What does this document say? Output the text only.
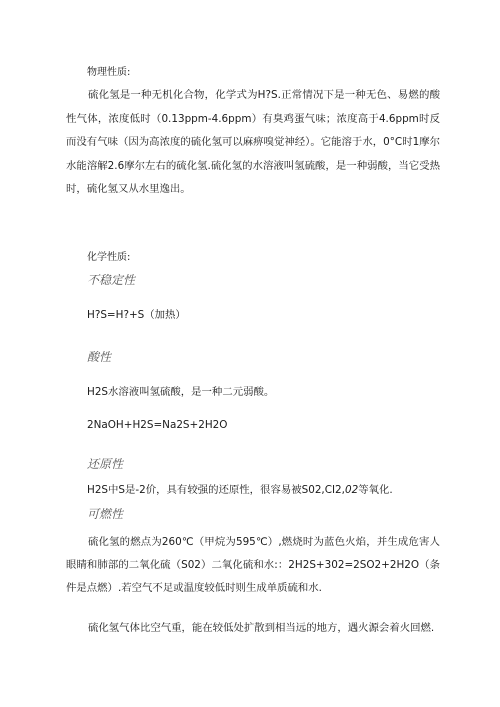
物理性质:
硫化氢是一种无机化合物，化学式为H?S.正常情况下是一种无色、易燃的酸性气体，浓度低时（0.13ppm-4.6ppm）有臭鸡蛋气味；浓度高于4.6ppm时反而没有气味（因为高浓度的硫化氢可以麻痹嗅觉神经）。它能溶于水，0°C时1摩尔水能溶解2.6摩尔左右的硫化氢.硫化氢的水溶液叫氢硫酸，是一种弱酸，当它受热时，硫化氢又从水里逸出。
化学性质:
不稳定性
H?S=H?+S（加热）
酸性
H2S水溶液叫氢硫酸，是一种二元弱酸。
2NaOH+H2S=Na2S+2H2O
还原性
H2S中S是-2价，具有较强的还原性，很容易被S02,CI2,02等氧化.
可燃性
硫化氢的燃点为260℃（甲烷为595℃）,燃烧时为蓝色火焰，并生成危害人眼睛和肺部的二氧化硫（S02）二氧化硫和水:：2H2S+302=2SO2+2H2O（条件是点燃）.若空气不足或温度较低时则生成单质硫和水.
硫化氢气体比空气重，能在较低处扩散到相当远的地方，遇火源会着火回燃.
